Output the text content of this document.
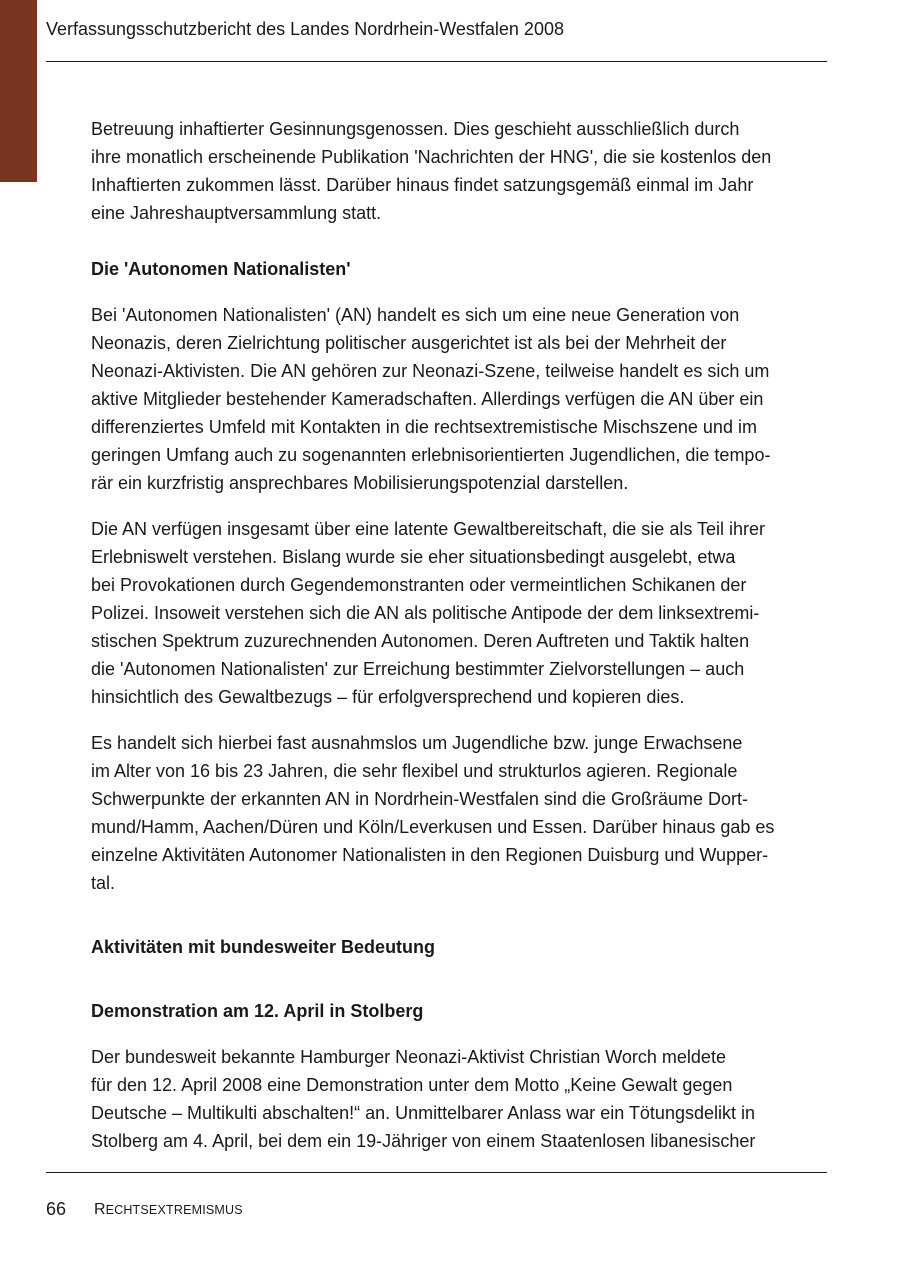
Verfassungsschutzbericht des Landes Nordrhein-Westfalen 2008

Betreuung inhaftierter Gesinnungsgenossen. Dies geschieht ausschließlich durch
ihre monatlich erscheinende Publikation 'Nachrichten der HNG', die sie kostenlos den
Inhaftierten zukommen lässt. Darüber hinaus findet satzungsgemäß einmal im Jahr
eine Jahreshauptversammlung statt.

Die 'Autonomen Nationalisten'

Bei 'Autonomen Nationalisten' (AN) handelt es sich um eine neue Generation von
Neonazis, deren Zielrichtung politischer ausgerichtet ist als bei der Mehrheit der
Neonazi-Aktivisten. Die AN gehören zur Neonazi-Szene, teilweise handelt es sich um
aktive Mitglieder bestehender Kameradschaften. Allerdings verfügen die AN über ein
differenziertes Umfeld mit Kontakten in die rechtsextremistische Mischszene und im
geringen Umfang auch zu sogenannten erlebnisorientierten Jugendlichen, die tempo-
rär ein kurzfristig ansprechbares Mobilisierungspotenzial darstellen.

Die AN verfügen insgesamt über eine latente Gewaltbereitschaft, die sie als Teil ihrer
Erlebniswelt verstehen. Bislang wurde sie eher situationsbedingt ausgelebt, etwa
bei Provokationen durch Gegendemonstranten oder vermeintlichen Schikanen der
Polizei. Insoweit verstehen sich die AN als politische Antipode der dem linksextremi-
stischen Spektrum zuzurechnenden Autonomen. Deren Auftreten und Taktik halten
die 'Autonomen Nationalisten' zur Erreichung bestimmter Zielvorstellungen – auch
hinsichtlich des Gewaltbezugs – für erfolgversprechend und kopieren dies.

Es handelt sich hierbei fast ausnahmslos um Jugendliche bzw. junge Erwachsene
im Alter von 16 bis 23 Jahren, die sehr flexibel und strukturlos agieren. Regionale
Schwerpunkte der erkannten AN in Nordrhein-Westfalen sind die Großräume Dort-
mund/Hamm, Aachen/Düren und Köln/Leverkusen und Essen. Darüber hinaus gab es
einzelne Aktivitäten Autonomer Nationalisten in den Regionen Duisburg und Wupper-
tal.

Aktivitäten mit bundesweiter Bedeutung

Demonstration am 12. April in Stolberg

Der bundesweit bekannte Hamburger Neonazi-Aktivist Christian Worch meldete
für den 12. April 2008 eine Demonstration unter dem Motto „Keine Gewalt gegen
Deutsche – Multikulti abschalten!“ an. Unmittelbarer Anlass war ein Tötungsdelikt in
Stolberg am 4. April, bei dem ein 19-Jähriger von einem Staatenlosen libanesischer

66 RECHTSEXTREMISMUS
